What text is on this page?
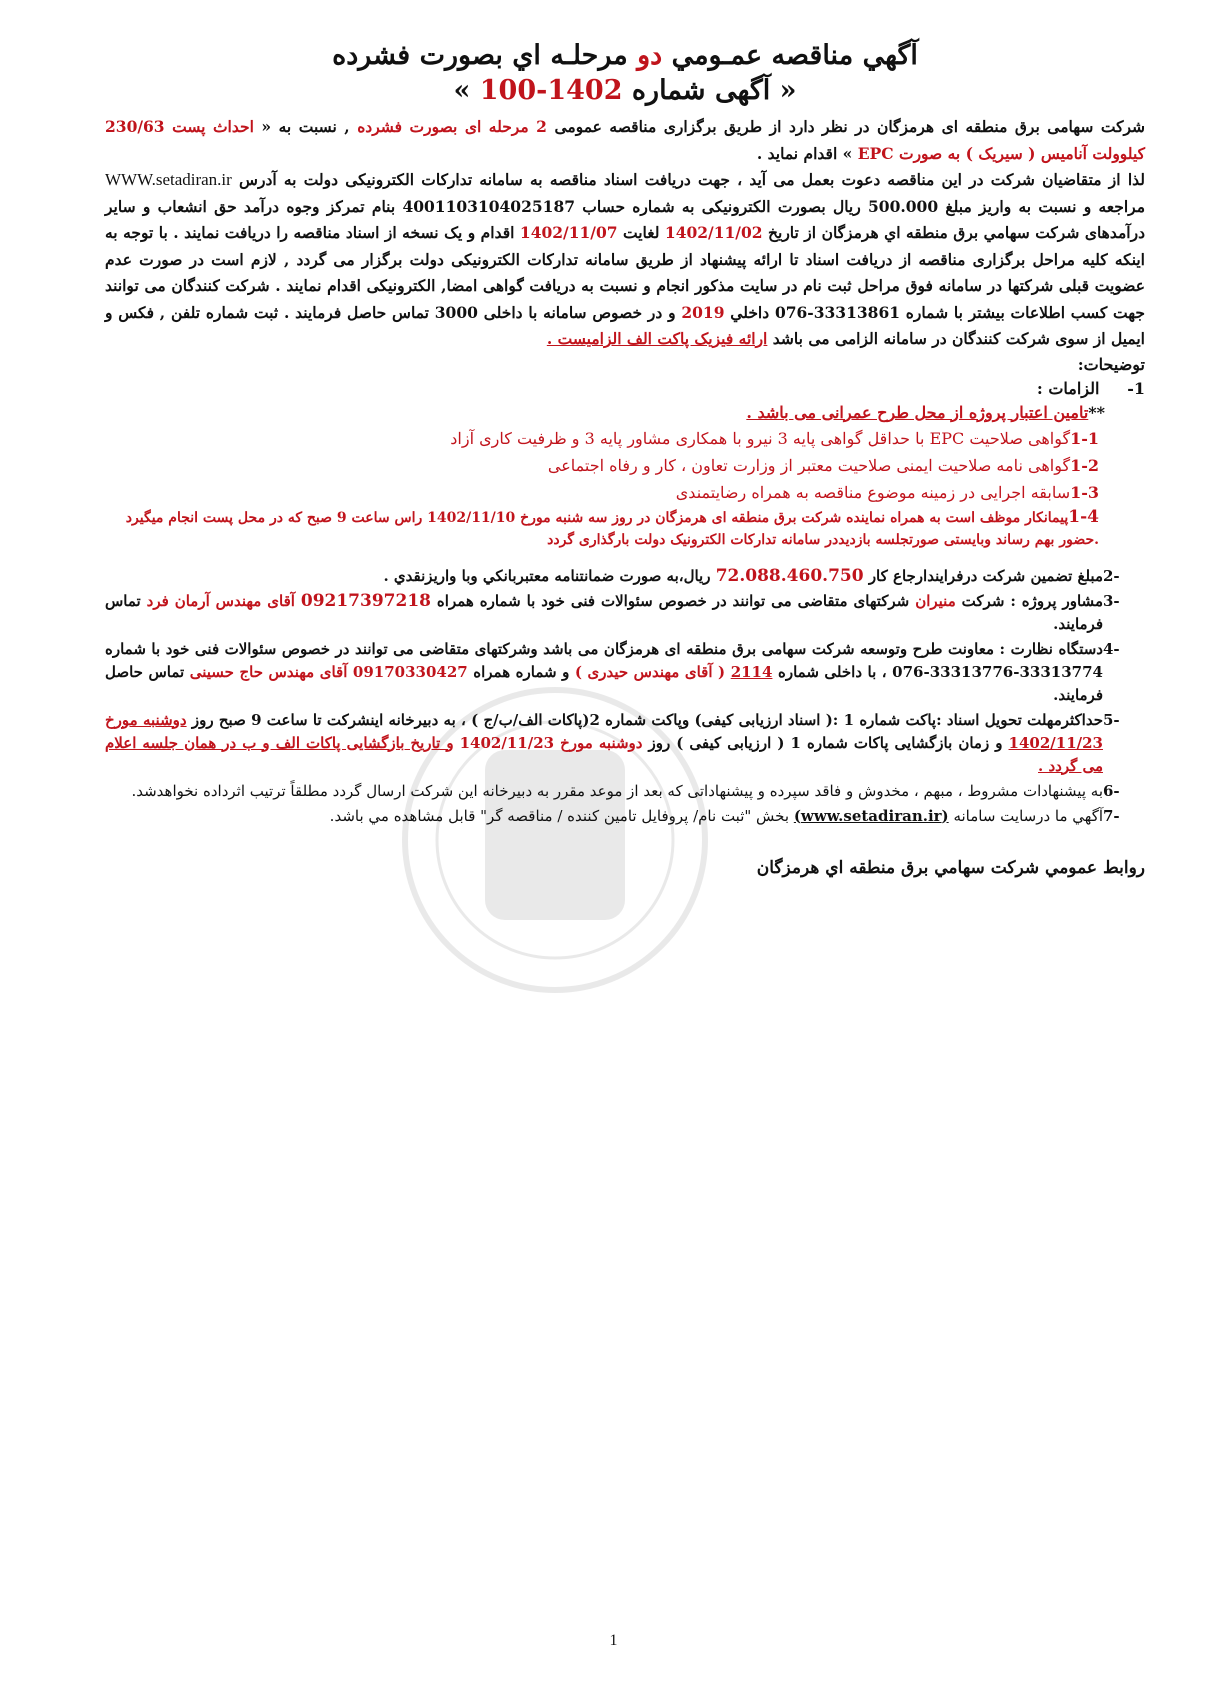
آگهي مناقصه عمـومي دو مرحلـه اي بصورت فشرده
« آگهی شماره 1402-100 »

شرکت سهامی برق منطقه ای هرمزگان در نظر دارد از طریق برگزاری مناقصه عمومی 2 مرحله ای بصورت فشرده , نسبت به « احداث پست 230/63 کیلوولت آنامیس ( سیریک ) به صورت EPC » اقدام نماید .

لذا از متقاضیان شرکت در این مناقصه دعوت بعمل می آید ، جهت دریافت اسناد مناقصه به سامانه تدارکات الکترونیکی دولت به آدرس WWW.setadiran.ir مراجعه و نسبت به واریز مبلغ 500.000 ریال بصورت الکترونیکی به شماره حساب 4001103104025187 بنام تمرکز وجوه درآمد حق انشعاب و سایر درآمدهای شرکت سهامي برق منطقه اي هرمزگان از تاریخ 1402/11/02 لغایت 1402/11/07 اقدام و یک نسخه از اسناد مناقصه را دریافت نمایند . با توجه به اینکه کلیه مراحل برگزاری مناقصه از دریافت اسناد تا ارائه پیشنهاد از طریق سامانه تدارکات الکترونیکی دولت برگزار می گردد , لازم است در صورت عدم عضویت قبلی شرکتها در سامانه فوق مراحل ثبت نام در سایت مذکور انجام و نسبت به دریافت گواهی امضا, الکترونیکی اقدام نمایند . شرکت کنندگان می توانند جهت کسب اطلاعات بیشتر با شماره 33313861-076 داخلي 2019 و در خصوص سامانه با داخلی 3000 تماس حاصل فرمایند . ثبت شماره تلفن , فکس و ایمیل از سوی شرکت کنندگان در سامانه الزامی می باشد ارائه فیزیک پاکت الف الزامیست .

توضیحات:

1- الزامات :

**تامین اعتبار پروژه از محل طرح عمرانی می باشد .

1-1گواهی صلاحیت EPC با حداقل گواهی پایه 3 نیرو با همکاری مشاور پایه 3 و ظرفیت کاری آزاد

1-2گواهی نامه صلاحیت ایمنی صلاحیت معتبر از وزارت تعاون ، کار و رفاه اجتماعی

1-3سابقه اجرایی در زمینه موضوع مناقصه به همراه رضایتمندی

1-4پیمانکار موظف است به همراه نماینده شرکت برق منطقه ای هرمزگان در روز سه شنبه مورخ 1402/11/10 راس ساعت 9 صبح که در محل پست انجام میگیرد .حضور بهم رساند وبایستی صورتجلسه بازدیددر سامانه تدارکات الکترونیک دولت بارگذاری گردد

2-
مبلغ تضمین شرکت درفرایندارجاع کار 72.088.460.750 ریال،به صورت ضمانتنامه معتبربانکي وبا واريزنقدي .
3-
مشاور پروژه : شرکت منیران شرکتهای متقاضی می توانند در خصوص سئوالات فنی خود با شماره همراه 09217397218 آقای مهندس آرمان فرد تماس فرمایند.
4-
دستگاه نظارت : معاونت طرح وتوسعه شرکت سهامی برق منطقه ای هرمزگان می باشد وشرکتهای متقاضی می توانند در خصوص سئوالات فنی خود با شماره 33313774-33313776-076 ، با داخلی شماره 2114 ( آقای مهندس حیدری ) و شماره همراه 09170330427 آقای مهندس حاج حسینی تماس حاصل فرمایند.
5-
حداکثرمهلت تحویل اسناد :پاکت شماره 1 :( اسناد ارزیابی کیفی) وپاکت شماره 2(پاکات الف/ب/ج ) ، به دبیرخانه اینشرکت تا ساعت 9 صبح روز دوشنبه مورخ 1402/11/23 و زمان بازگشایی پاکات شماره 1 ( ارزیابی کیفی ) روز دوشنبه مورخ 1402/11/23 و تاریخ بازگشایی پاکات الف و ب در همان جلسه اعلام می گردد .
6-
به پیشنهادات مشروط ، مبهم ، مخدوش و فاقد سپرده و پیشنهاداتی که بعد از موعد مقرر به دبیرخانه این شرکت ارسال گردد مطلقاً ترتیب اثرداده نخواهدشد.
7-
آگهي ما درسایت سامانه (www.setadiran.ir) بخش "ثبت نام/ پروفایل تامین کننده / مناقصه گر" قابل مشاهده مي باشد.
روابط عمومي شرکت سهامي برق منطقه اي هرمزگان
1
